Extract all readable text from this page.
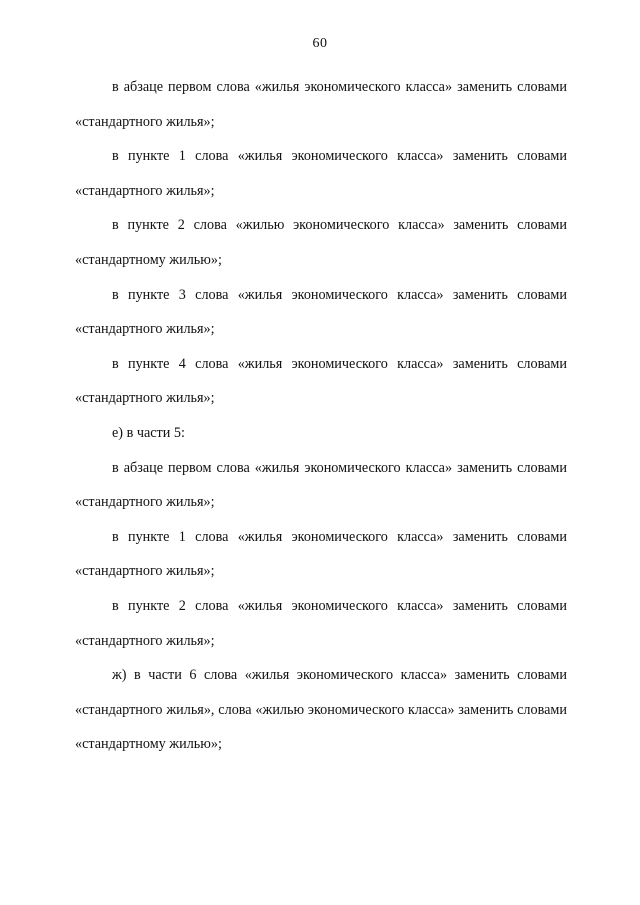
60

в абзаце первом слова «жилья экономического класса» заменить словами «стандартного жилья»;

в пункте 1 слова «жилья экономического класса» заменить словами «стандартного жилья»;

в пункте 2 слова «жилью экономического класса» заменить словами «стандартному жилью»;

в пункте 3 слова «жилья экономического класса» заменить словами «стандартного жилья»;

в пункте 4 слова «жилья экономического класса» заменить словами «стандартного жилья»;

е) в части 5:

в абзаце первом слова «жилья экономического класса» заменить словами «стандартного жилья»;

в пункте 1 слова «жилья экономического класса» заменить словами «стандартного жилья»;

в пункте 2 слова «жилья экономического класса» заменить словами «стандартного жилья»;

ж) в части 6 слова «жилья экономического класса» заменить словами «стандартного жилья», слова «жилью экономического класса» заменить словами «стандартному жилью»;
